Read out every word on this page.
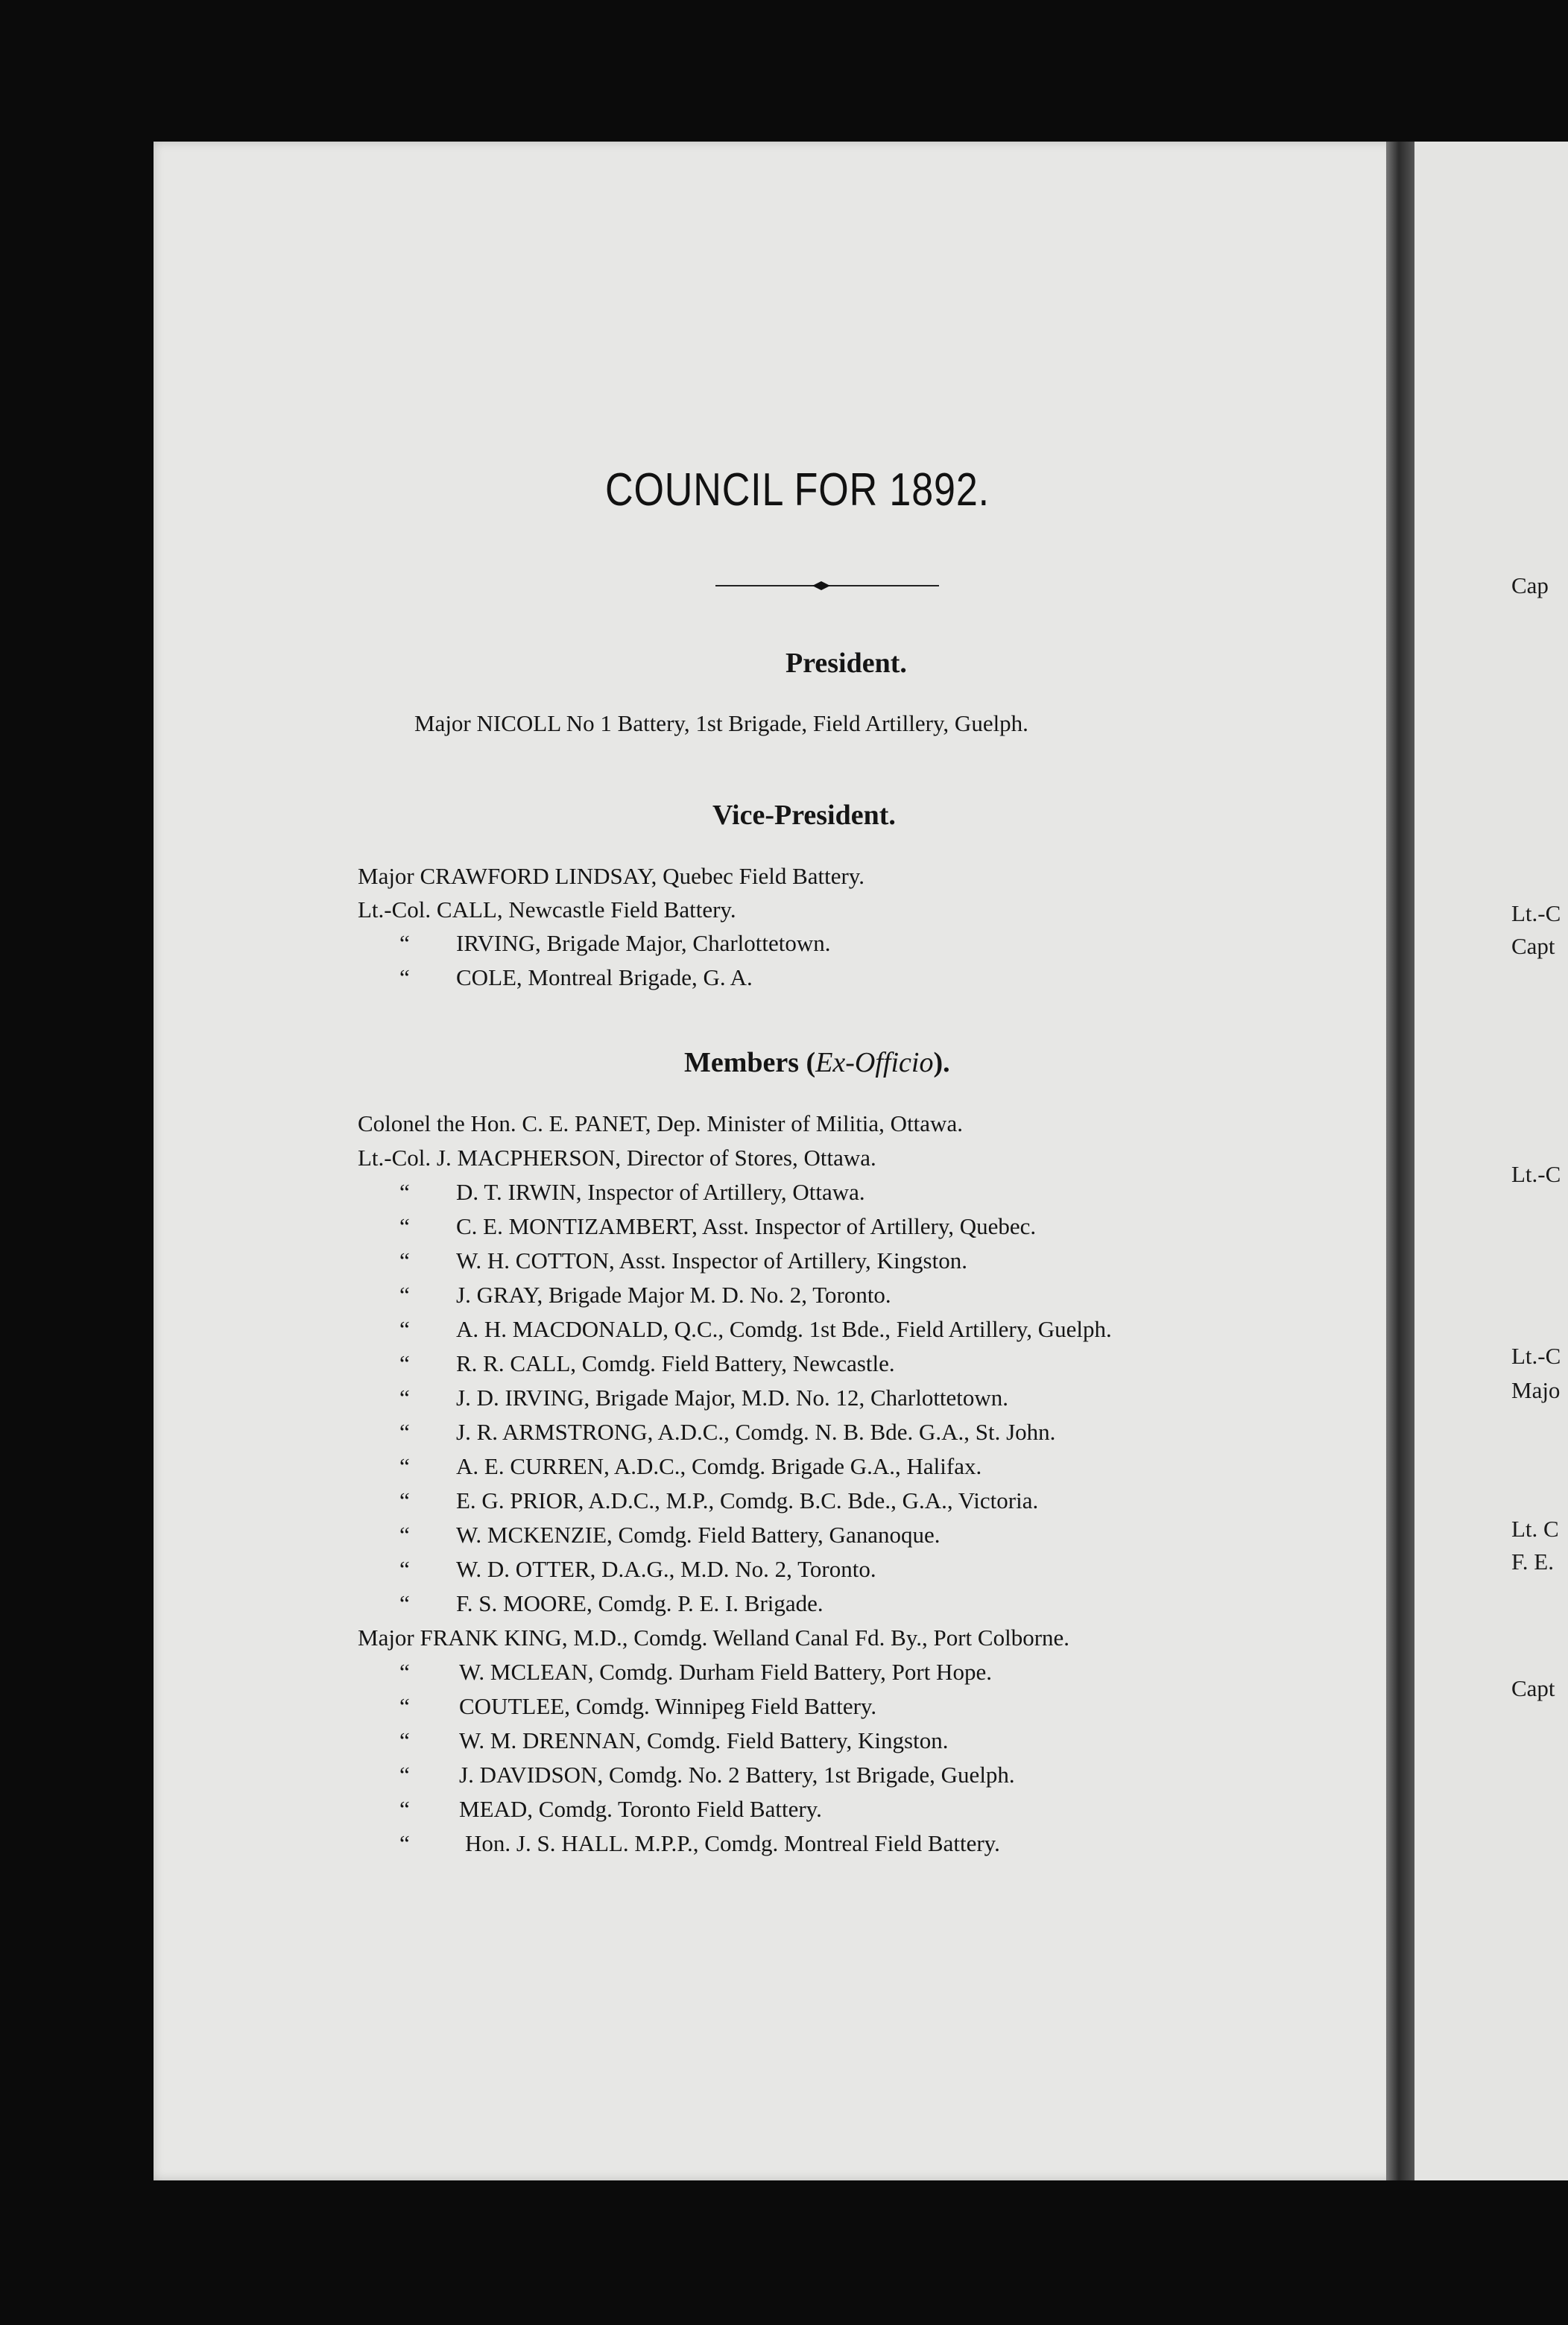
Cap

Lt.-C

Capt

Lt.-C

Lt.-C

Majo

Lt. C

F. E.

Capt

COUNCIL FOR 1892.
President.

Major NICOLL No 1 Battery, 1st Brigade, Field Artillery, Guelph.

Vice-President.

Major CRAWFORD LINDSAY, Quebec Field Battery.

Lt.-Col. CALL, Newcastle Field Battery.

“ IRVING, Brigade Major, Charlottetown.

“ COLE, Montreal Brigade, G. A.

Members (Ex-Officio).

Colonel the Hon. C. E. PANET, Dep. Minister of Militia, Ottawa.

Lt.-Col. J. MACPHERSON, Director of Stores, Ottawa.

“ D. T. IRWIN, Inspector of Artillery, Ottawa.

“ C. E. MONTIZAMBERT, Asst. Inspector of Artillery, Quebec.

“ W. H. COTTON, Asst. Inspector of Artillery, Kingston.

“ J. GRAY, Brigade Major M. D. No. 2, Toronto.

“ A. H. MACDONALD, Q.C., Comdg. 1st Bde., Field Artillery, Guelph.

“ R. R. CALL, Comdg. Field Battery, Newcastle.

“ J. D. IRVING, Brigade Major, M.D. No. 12, Charlottetown.

“ J. R. ARMSTRONG, A.D.C., Comdg. N. B. Bde. G.A., St. John.

“ A. E. CURREN, A.D.C., Comdg. Brigade G.A., Halifax.

“ E. G. PRIOR, A.D.C., M.P., Comdg. B.C. Bde., G.A., Victoria.

“ W. MCKENZIE, Comdg. Field Battery, Gananoque.

“ W. D. OTTER, D.A.G., M.D. No. 2, Toronto.

“ F. S. MOORE, Comdg. P. E. I. Brigade.

Major FRANK KING, M.D., Comdg. Welland Canal Fd. By., Port Colborne.

“ W. MCLEAN, Comdg. Durham Field Battery, Port Hope.

“ COUTLEE, Comdg. Winnipeg Field Battery.

“ W. M. DRENNAN, Comdg. Field Battery, Kingston.

“ J. DAVIDSON, Comdg. No. 2 Battery, 1st Brigade, Guelph.

“ MEAD, Comdg. Toronto Field Battery.

“ Hon. J. S. HALL. M.P.P., Comdg. Montreal Field Battery.
